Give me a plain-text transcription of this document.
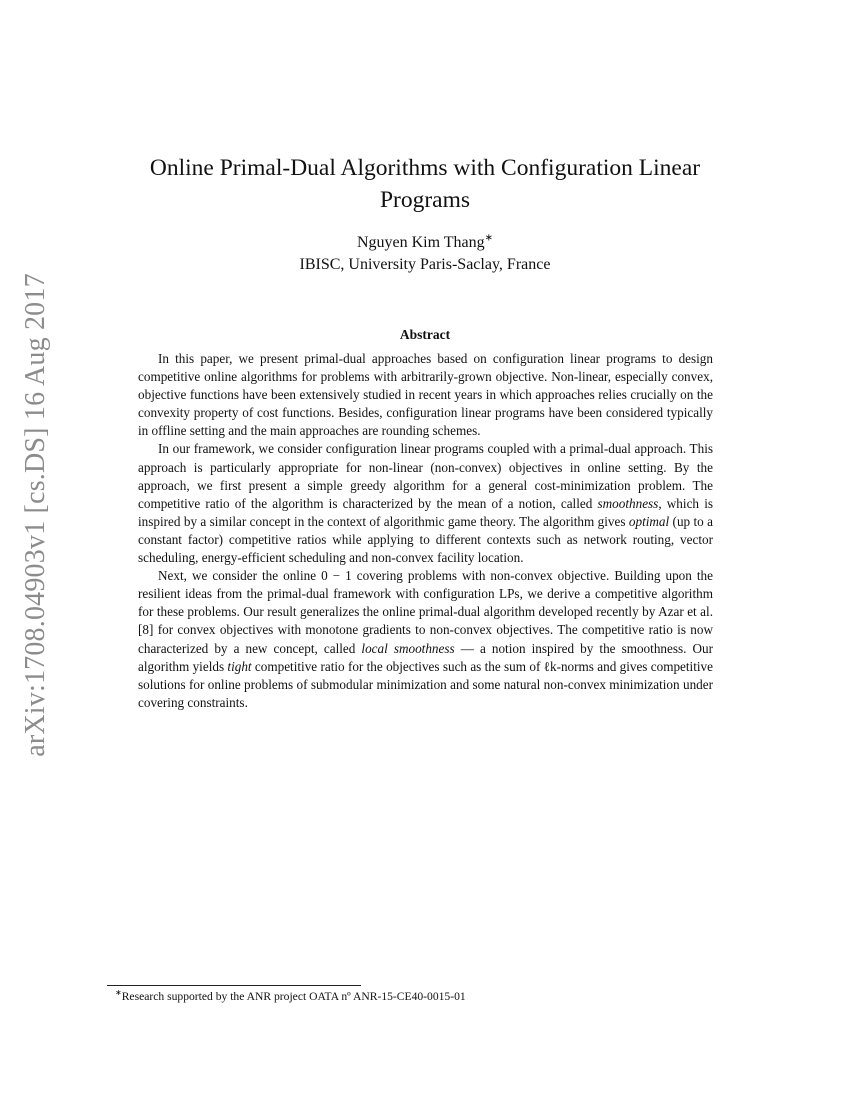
arXiv:1708.04903v1 [cs.DS] 16 Aug 2017
Online Primal-Dual Algorithms with Configuration Linear Programs
Nguyen Kim Thang∗
IBISC, University Paris-Saclay, France
Abstract

In this paper, we present primal-dual approaches based on configuration linear programs to design competitive online algorithms for problems with arbitrarily-grown objective. Non-linear, especially convex, objective functions have been extensively studied in recent years in which approaches relies crucially on the convexity property of cost functions. Besides, configuration linear programs have been considered typically in offline setting and the main approaches are rounding schemes.

In our framework, we consider configuration linear programs coupled with a primal-dual approach. This approach is particularly appropriate for non-linear (non-convex) objectives in online setting. By the approach, we first present a simple greedy algorithm for a general cost-minimization problem. The competitive ratio of the algorithm is characterized by the mean of a notion, called smoothness, which is inspired by a similar concept in the context of algorithmic game theory. The algorithm gives optimal (up to a constant factor) competitive ratios while applying to different contexts such as network routing, vector scheduling, energy-efficient scheduling and non-convex facility location.

Next, we consider the online 0 − 1 covering problems with non-convex objective. Building upon the resilient ideas from the primal-dual framework with configuration LPs, we derive a competitive algorithm for these problems. Our result generalizes the online primal-dual algorithm developed recently by Azar et al. [8] for convex objectives with monotone gradients to non-convex objectives. The competitive ratio is now characterized by a new concept, called local smoothness — a notion inspired by the smoothness. Our algorithm yields tight competitive ratio for the objectives such as the sum of ℓk-norms and gives competitive solutions for online problems of submodular minimization and some natural non-convex minimization under covering constraints.

∗Research supported by the ANR project OATA nº ANR-15-CE40-0015-01
